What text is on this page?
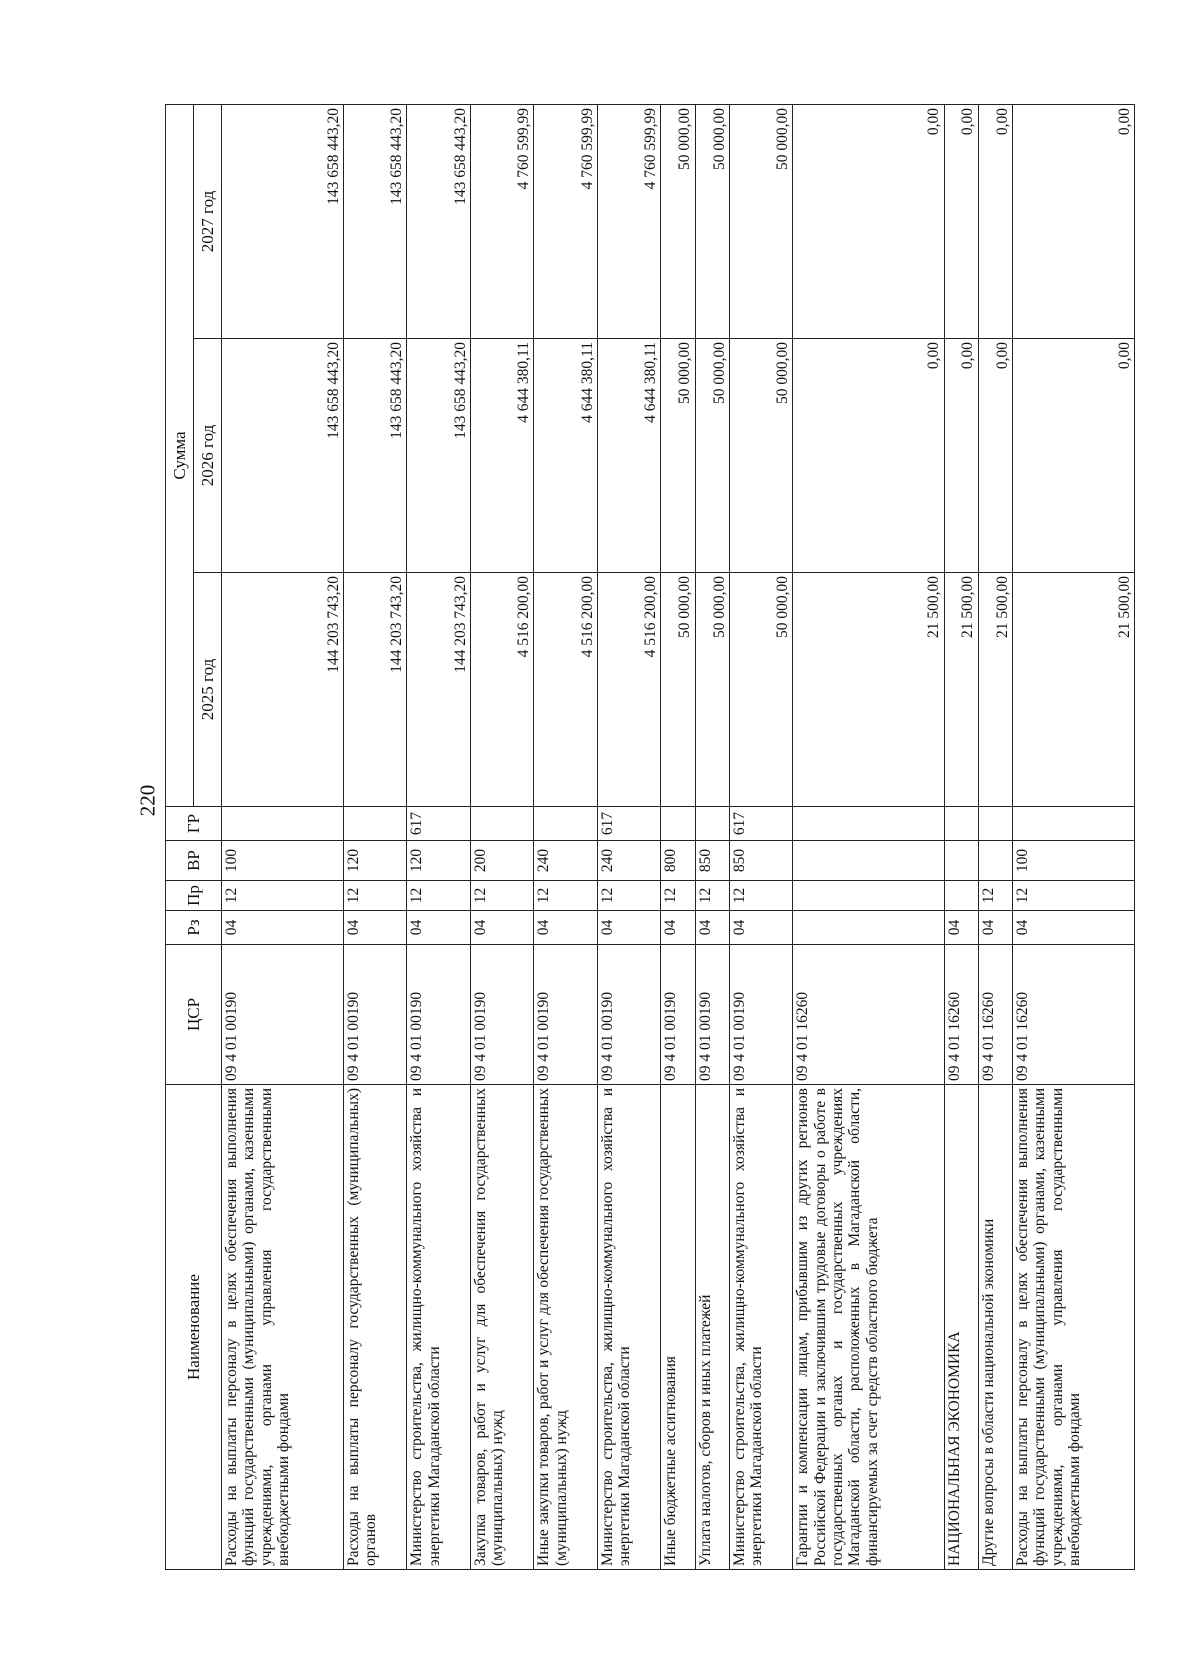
220
Наименование	ЦСР	Рз	Пр	ВР	ГР	Сумма		
						2025 год	2026 год	2027 год
Расходы на выплаты персоналу в целях обеспечения выполнения функций государственными (муниципальными) органами, казенными учреждениями, органами управления государственными внебюджетными фондами	09 4 01 00190	04	12	100		144 203 743,20	143 658 443,20	143 658 443,20
Расходы на выплаты персоналу государственных (муниципальных) органов	09 4 01 00190	04	12	120		144 203 743,20	143 658 443,20	143 658 443,20
Министерство строительства, жилищно-коммунального хозяйства и энергетики Магаданской области	09 4 01 00190	04	12	120	617	144 203 743,20	143 658 443,20	143 658 443,20
Закупка товаров, работ и услуг для обеспечения государственных (муниципальных) нужд	09 4 01 00190	04	12	200		4 516 200,00	4 644 380,11	4 760 599,99
Иные закупки товаров, работ и услуг для обеспечения государственных (муниципальных) нужд	09 4 01 00190	04	12	240		4 516 200,00	4 644 380,11	4 760 599,99
Министерство строительства, жилищно-коммунального хозяйства и энергетики Магаданской области	09 4 01 00190	04	12	240	617	4 516 200,00	4 644 380,11	4 760 599,99
Иные бюджетные ассигнования	09 4 01 00190	04	12	800		50 000,00	50 000,00	50 000,00
Уплата налогов, сборов и иных платежей	09 4 01 00190	04	12	850		50 000,00	50 000,00	50 000,00
Министерство строительства, жилищно-коммунального хозяйства и энергетики Магаданской области	09 4 01 00190	04	12	850	617	50 000,00	50 000,00	50 000,00
Гарантии и компенсации лицам, прибывшим из других регионов Российской Федерации и заключившим трудовые договоры о работе в государственных органах и государственных учреждениях Магаданской области, расположенных в Магаданской области, финансируемых за счет средств областного бюджета	09 4 01 16260					21 500,00	0,00	0,00
НАЦИОНАЛЬНАЯ ЭКОНОМИКА	09 4 01 16260	04				21 500,00	0,00	0,00
Другие вопросы в области национальной экономики	09 4 01 16260	04	12			21 500,00	0,00	0,00
Расходы на выплаты персоналу в целях обеспечения выполнения функций государственными (муниципальными) органами, казенными учреждениями, органами управления государственными внебюджетными фондами	09 4 01 16260	04	12	100		21 500,00	0,00	0,00
